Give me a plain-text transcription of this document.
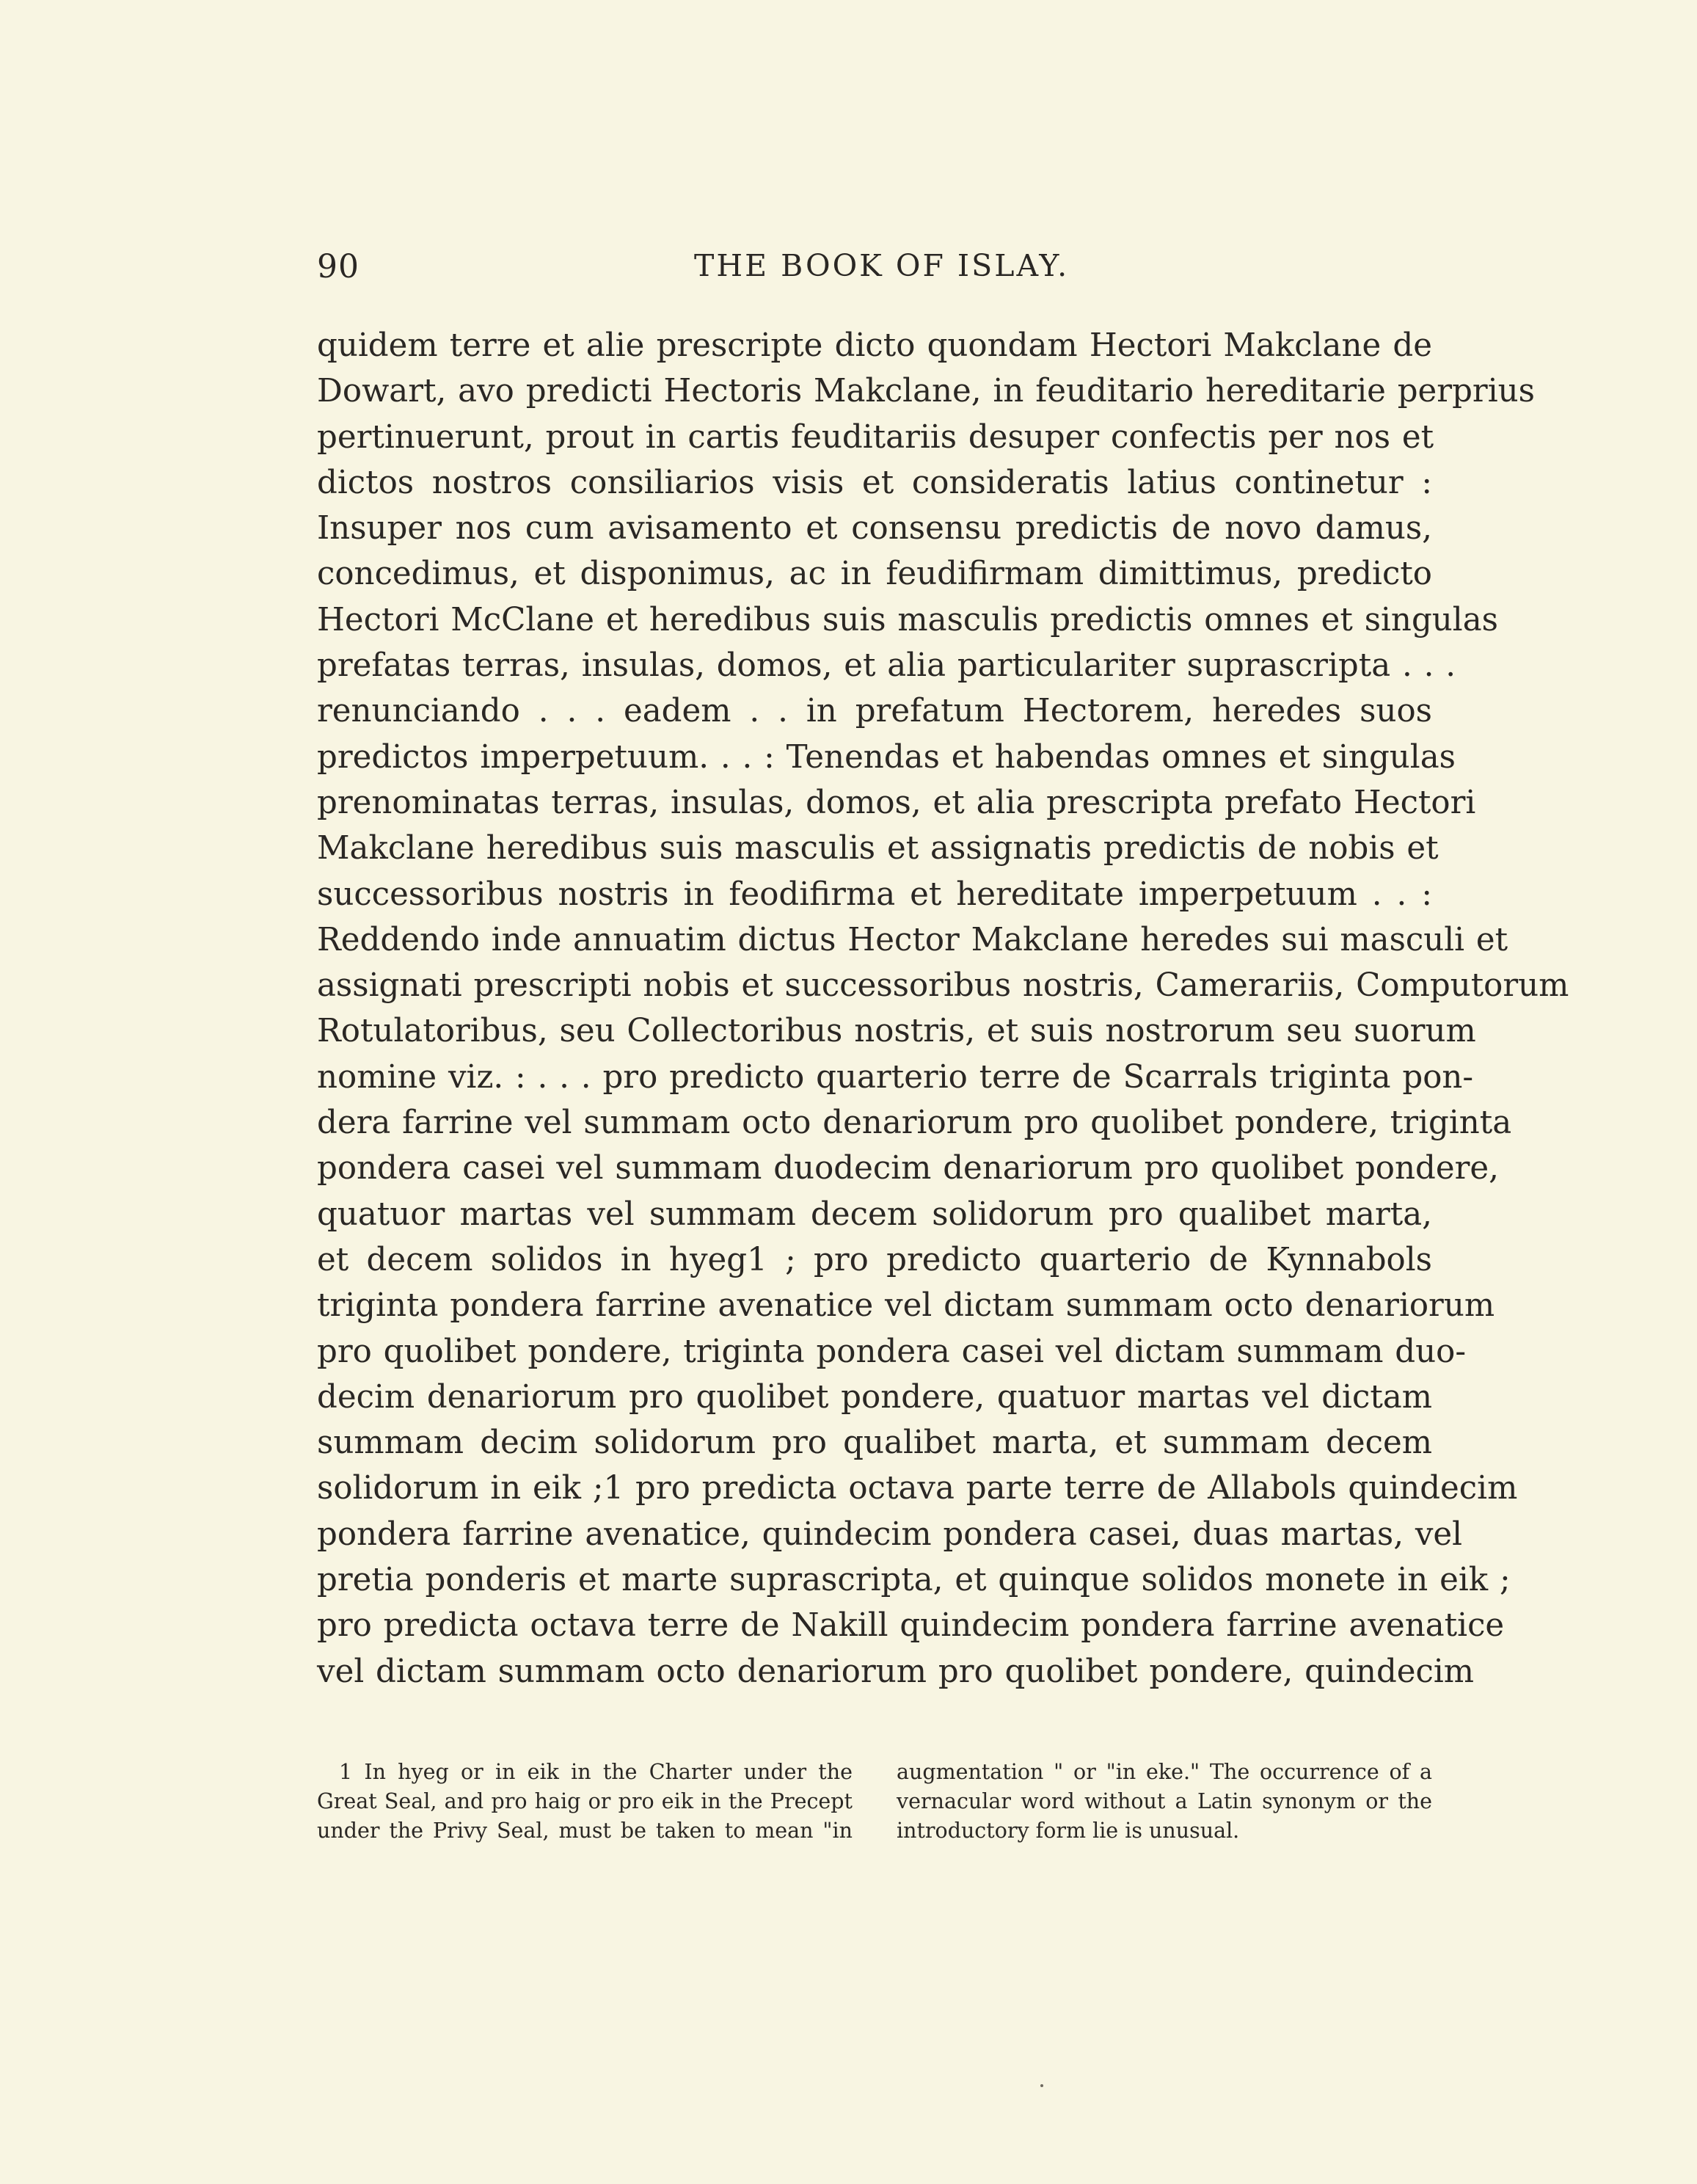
90	THE BOOK OF ISLAY.
quidem terre et alie prescripte dicto quondam Hectori Makclane de
Dowart, avo predicti Hectoris Makclane, in feuditario hereditarie perprius
pertinuerunt, prout in cartis feuditariis desuper confectis per nos et
dictos nostros consiliarios visis et consideratis latius continetur :
Insuper nos cum avisamento et consensu predictis de novo damus,
concedimus, et disponimus, ac in feudifirmam dimittimus, predicto
Hectori McClane et heredibus suis masculis predictis omnes et singulas
prefatas terras, insulas, domos, et alia particulariter suprascripta . . .
renunciando . . . eadem . . in prefatum Hectorem, heredes suos
predictos imperpetuum. . . : Tenendas et habendas omnes et singulas
prenominatas terras, insulas, domos, et alia prescripta prefato Hectori
Makclane heredibus suis masculis et assignatis predictis de nobis et
successoribus nostris in feodifirma et hereditate imperpetuum . . :
Reddendo inde annuatim dictus Hector Makclane heredes sui masculi et
assignati prescripti nobis et successoribus nostris, Camerariis, Computorum
Rotulatoribus, seu Collectoribus nostris, et suis nostrorum seu suorum
nomine viz. : . . . pro predicto quarterio terre de Scarrals triginta pon-
dera farrine vel summam octo denariorum pro quolibet pondere, triginta
pondera casei vel summam duodecim denariorum pro quolibet pondere,
quatuor martas vel summam decem solidorum pro qualibet marta,
et decem solidos in hyeg1 ; pro predicto quarterio de Kynnabols
triginta pondera farrine avenatice vel dictam summam octo denariorum
pro quolibet pondere, triginta pondera casei vel dictam summam duo-
decim denariorum pro quolibet pondere, quatuor martas vel dictam
summam decim solidorum pro qualibet marta, et summam decem
solidorum in eik ;1 pro predicta octava parte terre de Allabols quindecim
pondera farrine avenatice, quindecim pondera casei, duas martas, vel
pretia ponderis et marte suprascripta, et quinque solidos monete in eik ;
pro predicta octava terre de Nakill quindecim pondera farrine avenatice
vel dictam summam octo denariorum pro quolibet pondere, quindecim
1 In hyeg or in eik in the Charter under the
Great Seal, and pro haig or pro eik in the Precept
under the Privy Seal, must be taken to mean "in
augmentation " or "in eke." The occurrence of a
vernacular word without a Latin synonym or the
introductory form lie is unusual.
